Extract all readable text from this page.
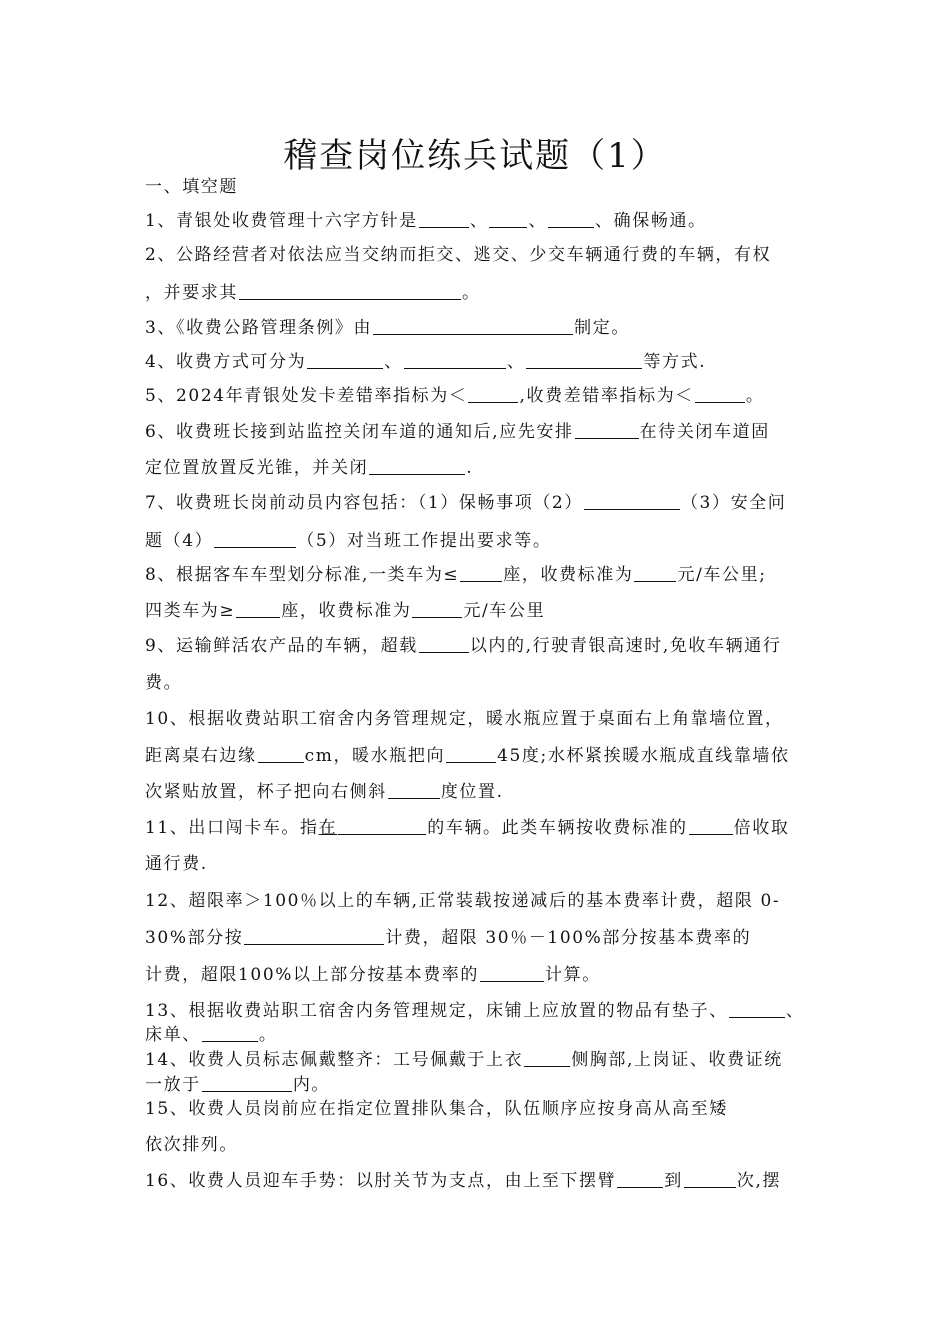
稽查岗位练兵试题（1）
一、填空题
1、青银处收费管理十六字方针是	、 、	、确保畅通。
2、公路经营者对依法应当交纳而拒交、逃交、少交车辆通行费的车辆，有权
，并要求其	。
3、《收费公路管理条例》由	制定。
4、收费方式可分为	、	、	等方式.
5、2024年青银处发卡差错率指标为＜	,收费差错率指标为＜	。
6、收费班长接到站监控关闭车道的通知后,应先安排	在待关闭车道固
定位置放置反光锥，并关闭	.
7、收费班长岗前动员内容包括：（1）保畅事项（2）	（3）安全问
题（4）	（5）对当班工作提出要求等。
8、根据客车车型划分标准,一类车为≤	座，收费标准为	元/车公里;
四类车为≥	座，收费标准为	元/车公里
9、运输鲜活农产品的车辆，超载	以内的,行驶青银高速时,免收车辆通行
费。
10、根据收费站职工宿舍内务管理规定，暖水瓶应置于桌面右上角靠墙位置，
距离桌右边缘	cm，暖水瓶把向	45度;水杯紧挨暖水瓶成直线靠墙依
次紧贴放置，杯子把向右侧斜	度位置.
11、出口闯卡车。指在	的车辆。此类车辆按收费标准的	倍收取
通行费.
12、超限率＞100％以上的车辆,正常装载按递减后的基本费率计费，超限 0-
30%部分按	计费，超限 30％－100%部分按基本费率的
计费，超限100%以上部分按基本费率的	计算。
13、根据收费站职工宿舍内务管理规定，床铺上应放置的物品有垫子、	、
床单、	。
14、收费人员标志佩戴整齐：工号佩戴于上衣	侧胸部,上岗证、收费证统
一放于	内。
15、收费人员岗前应在指定位置排队集合，队伍顺序应按身高从高至矮
依次排列。
16、收费人员迎车手势：以肘关节为支点，由上至下摆臂	到	次,摆
